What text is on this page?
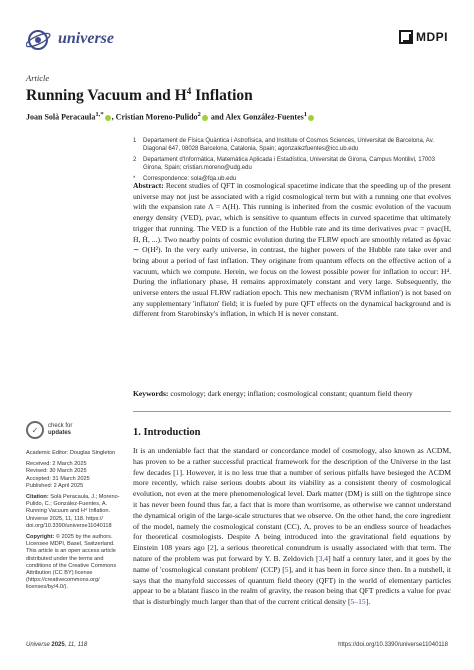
universe	MDPI
Article
Running Vacuum and $H^4$ Inflation
Joan Solà Peracaula$^{1,*}$ , Cristian Moreno-Pulido$^2$ and Alex González-Fuentes$^1$
1	Departament de Física Quàntica i Astrofísica, and Institute of Cosmos Sciences, Universitat de Barcelona, Av. Diagonal 647, 08028 Barcelona, Catalonia, Spain; agonzalezfuentes@icc.ub.edu
2	Departament d'Informàtica, Matemàtica Aplicada i Estadística, Universitat de Girona, Campus Montilivi, 17003 Girona, Spain; cristian.moreno@udg.edu
*	Correspondence: sola@fqa.ub.edu

Abstract: Recent studies of QFT in cosmological spacetime indicate that the speeding up of the present universe may not just be associated with a rigid cosmological term but with a running one that evolves with the expansion rate Λ = Λ(H). This running is inherited from the cosmic evolution of the vacuum energy density (VED), ρvac, which is sensitive to quantum effects in curved spacetime that ultimately trigger that running. The VED is a function of the Hubble rate and its time derivatives ρvac = ρvac(H, Ḣ, Ḧ, ...). Two nearby points of cosmic evolution during the FLRW epoch are smoothly related as δρvac ∼ O(H²). In the very early universe, in contrast, the higher powers of the Hubble rate take over and bring about a period of fast inflation. They originate from quantum effects on the effective action of a vacuum, which we compute. Herein, we focus on the lowest possible power for inflation to occur: H⁴. During the inflationary phase, H remains approximately constant and very large. Subsequently, the universe enters the usual FLRW radiation epoch. This new mechanism ('RVM inflation') is not based on any supplementary 'inflaton' field; it is fueled by pure QFT effects on the dynamical background and is different from Starobinsky's inflation, in which H is never constant.

Keywords: cosmology; dark energy; inflation; cosmological constant; quantum field theory

✓	check for
updates

Academic Editor: Douglas Singleton

Received: 2 March 2025
Revised: 30 March 2025
Accepted: 31 March 2025
Published: 2 April 2025

Citation: Solà Peracaula, J.; Moreno-Pulido, C.; González-Fuentes, A. Running Vacuum and H⁴ Inflation. Universe 2025, 11, 118. https:// doi.org/10.3390/universe11040118

Copyright: © 2025 by the authors. Licensee MDPI, Basel, Switzerland. This article is an open access article distributed under the terms and conditions of the Creative Commons Attribution (CC BY) license (https://creativecommons.org/ licenses/by/4.0/).

1. Introduction

It is an undeniable fact that the standard or concordance model of cosmology, also known as ΛCDM, has proven to be a rather successful practical framework for the description of the Universe in the last few decades [1]. However, it is no less true that a number of serious pitfalls have besieged the ΛCDM more recently, which raise serious doubts about its viability as a consistent theory of cosmological evolution, not even at the mere phenomenological level. Dark matter (DM) is still on the tightrope since it has never been found thus far, a fact that is more than worrisome, as otherwise we cannot understand the dynamical origin of the large-scale structures that we observe. On the other hand, the core ingredient of the model, namely the cosmological constant (CC), Λ, proves to be an endless source of headaches for theoretical cosmologists. Despite Λ being introduced into the gravitational field equations by Einstein 108 years ago [2], a serious theoretical conundrum is usually associated with that term. The nature of the problem was put forward by Y. B. Zeldovich [3,4] half a century later, and it goes by the name of 'cosmological constant problem' (CCP) [5], and it has been in force since then. In a nutshell, it says that the manyfold successes of quantum field theory (QFT) in the world of elementary particles appear to be a blatant fiasco in the realm of gravity, the reason being that QFT predicts a value for ρvac that is disturbingly much larger than that of the current critical density [5–15].

Universe 2025, 11, 118	https://doi.org/10.3390/universe11040118
